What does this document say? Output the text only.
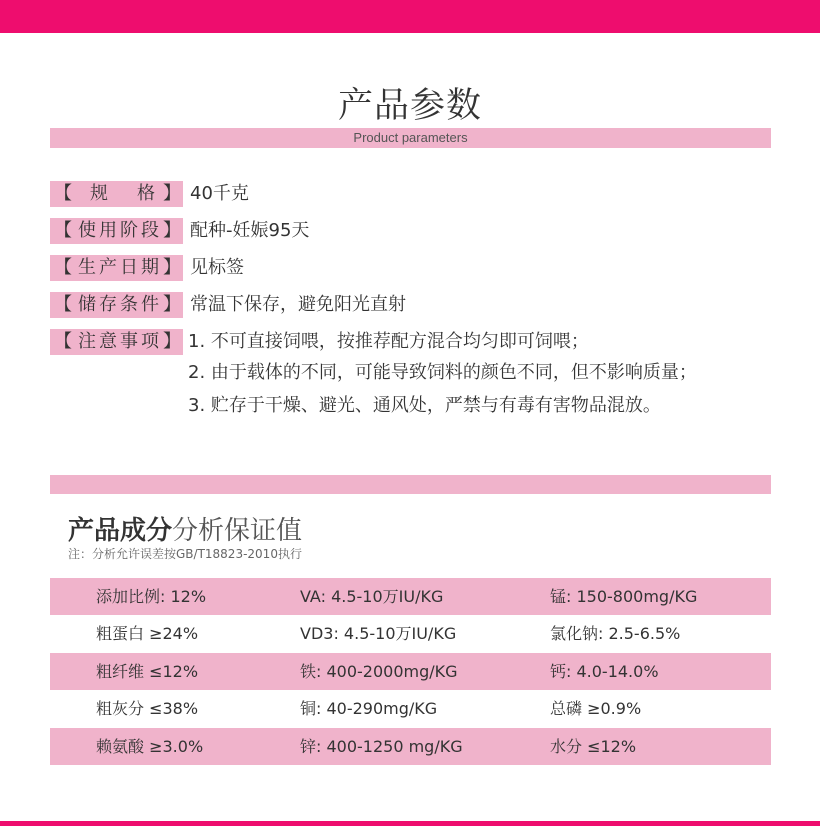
产品参数
Product parameters
【 规 格 】 40千克
【 使 用 阶 段 】 配种-妊娠95天
【 生 产 日 期 】 见标签
【 储 存 条 件 】 常温下保存，避免阳光直射
【 注 意 事 项 】 1. 不可直接饲喂，按推荐配方混合均匀即可饲喂；
2. 由于载体的不同，可能导致饲料的颜色不同，但不影响质量；
3. 贮存于干燥、避光、通风处，严禁与有毒有害物品混放。
产品成分分析保证值
注：分析允许误差按GB/T18823-2010执行
添加比例: 12%	VA: 4.5-10万IU/KG	锰: 150-800mg/KG
粗蛋白 ≥24%	VD3: 4.5-10万IU/KG	氯化钠: 2.5-6.5%
粗纤维 ≤12%	铁: 400-2000mg/KG	钙: 4.0-14.0%
粗灰分 ≤38%	铜: 40-290mg/KG	总磷 ≥0.9%
赖氨酸 ≥3.0%	锌: 400-1250 mg/KG	水分 ≤12%
